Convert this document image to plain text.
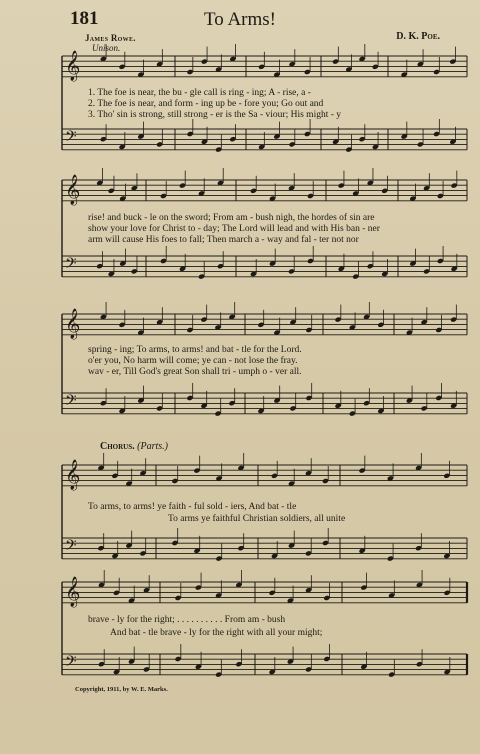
181	To Arms!
James Rowe.	D. K. Poe.
Unison.
𝄞
𝄢
𝄞
𝄢
𝄞
𝄢
𝄞
𝄢
𝄞
𝄢
1. The foe is near, the bu - gle call is ring - ing; A - rise, a -
2. The foe is near, and form - ing up be - fore you; Go out and
3. Tho' sin is strong, still strong - er is the Sa - viour; His might - y
rise! and buck - le on the sword; From am - bush nigh, the hordes of sin are
show your love for Christ to - day; The Lord will lead and with His ban - ner
arm will cause His foes to fall; Then march a - way and fal - ter not nor
spring - ing; To arms, to arms! and bat - tle for the Lord.
o'er you, No harm will come; ye can - not lose the fray.
wav - er, Till God's great Son shall tri - umph o - ver all.
Chorus. (Parts.)
To arms, to arms! ye faith - ful sold - iers, And bat - tle
To arms ye faithful Christian soldiers, all unite
brave - ly for the right; . . . . . . . . . . From am - bush
And bat - tle brave - ly for the right with all your might;
Copyright, 1911, by W. E. Marks.
